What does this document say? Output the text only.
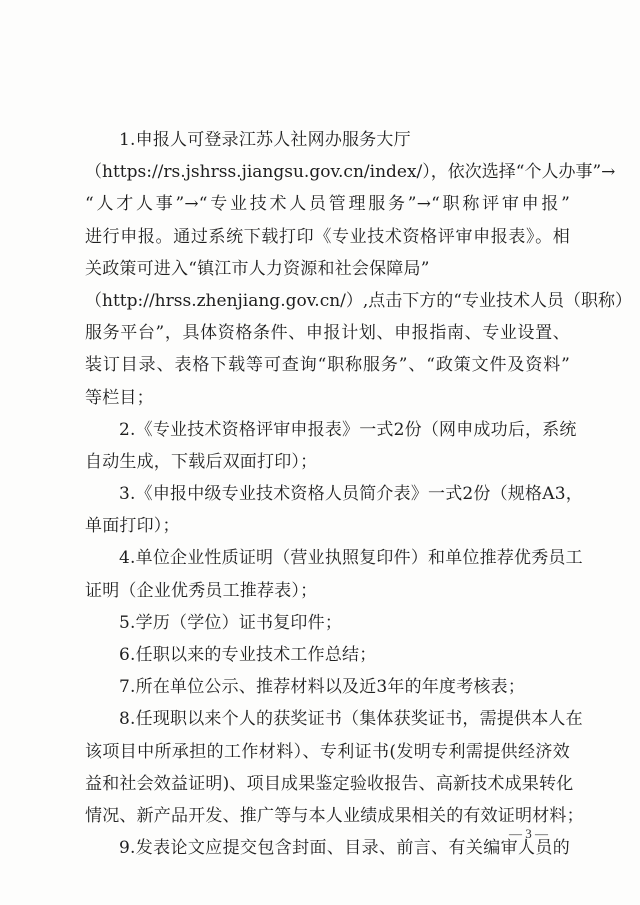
1.申报人可登录江苏人社网办服务大厅
（https://rs.jshrss.jiangsu.gov.cn/index/），依次选择“个人办事”→
“人才人事”→“专业技术人员管理服务”→“职称评审申报”
进行申报。通过系统下载打印《专业技术资格评审申报表》。相
关政策可进入“镇江市人力资源和社会保障局”
（http://hrss.zhenjiang.gov.cn/）,点击下方的“专业技术人员（职称）
服务平台”，具体资格条件、申报计划、申报指南、专业设置、
装订目录、表格下载等可查询“职称服务”、“政策文件及资料”
等栏目；
2.《专业技术资格评审申报表》一式2份（网申成功后，系统
自动生成，下载后双面打印）；
3.《申报中级专业技术资格人员简介表》一式2份（规格A3，
单面打印）；
4.单位企业性质证明（营业执照复印件）和单位推荐优秀员工
证明（企业优秀员工推荐表）；
5.学历（学位）证书复印件；
6.任职以来的专业技术工作总结；
7.所在单位公示、推荐材料以及近3年的年度考核表；
8.任现职以来个人的获奖证书（集体获奖证书，需提供本人在
该项目中所承担的工作材料）、专利证书(发明专利需提供经济效
益和社会效益证明)、项目成果鉴定验收报告、高新技术成果转化
情况、新产品开发、推广等与本人业绩成果相关的有效证明材料；
9.发表论文应提交包含封面、目录、前言、有关编审人员的
— 3 —
